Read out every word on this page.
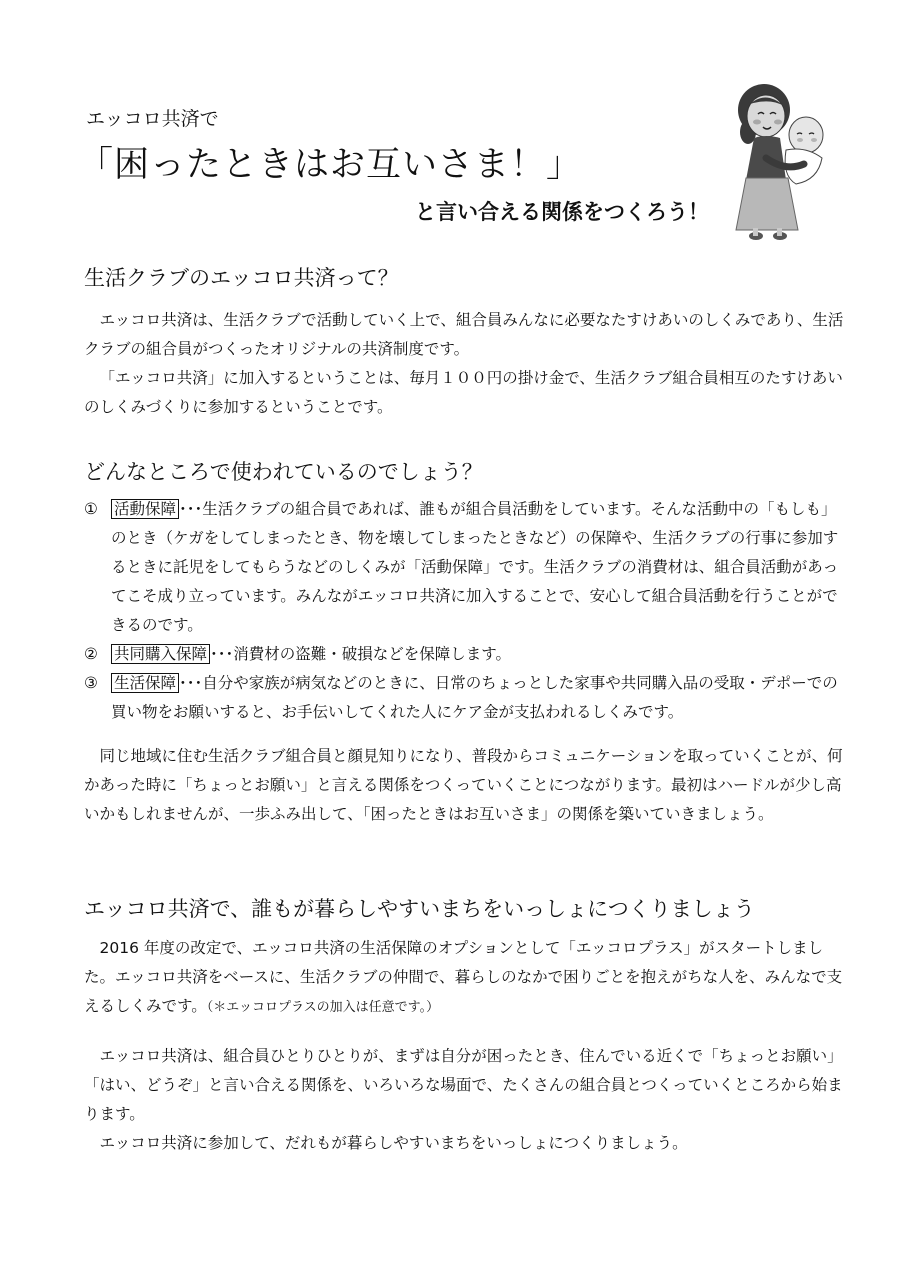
エッコロ共済で
「困ったときはお互いさま！」
と言い合える関係をつくろう！
生活クラブのエッコロ共済って？

エッコロ共済は、生活クラブで活動していく上で、組合員みんなに必要なたすけあいのしくみであり、生活クラブの組合員がつくったオリジナルの共済制度です。

「エッコロ共済」に加入するということは、毎月１００円の掛け金で、生活クラブ組合員相互のたすけあいのしくみづくりに参加するということです。

どんなところで使われているのでしょう？
①	活動保障 ･･･生活クラブの組合員であれば、誰もが組合員活動をしています。そんな活動中の「もしも」のとき（ケガをしてしまったとき、物を壊してしまったときなど）の保障や、生活クラブの行事に参加するときに託児をしてもらうなどのしくみが「活動保障」です。生活クラブの消費材は、組合員活動があってこそ成り立っています。みんながエッコロ共済に加入することで、安心して組合員活動を行うことができるのです。
②	共同購入保障 ･･･消費材の盗難・破損などを保障します。
③	生活保障 ･･･自分や家族が病気などのときに、日常のちょっとした家事や共同購入品の受取・デポーでの買い物をお願いすると、お手伝いしてくれた人にケア金が支払われるしくみです。

同じ地域に住む生活クラブ組合員と顔見知りになり、普段からコミュニケーションを取っていくことが、何かあった時に「ちょっとお願い」と言える関係をつくっていくことにつながります。最初はハードルが少し高いかもしれませんが、一歩ふみ出して、「困ったときはお互いさま」の関係を築いていきましょう。

エッコロ共済で、誰もが暮らしやすいまちをいっしょにつくりましょう

2016 年度の改定で、エッコロ共済の生活保障のオプションとして「エッコロプラス」がスタートしました。エッコロ共済をベースに、生活クラブの仲間で、暮らしのなかで困りごとを抱えがちな人を、みんなで支えるしくみです。（＊エッコロプラスの加入は任意です。）

エッコロ共済は、組合員ひとりひとりが、まずは自分が困ったとき、住んでいる近くで「ちょっとお願い」「はい、どうぞ」と言い合える関係を、いろいろな場面で、たくさんの組合員とつくっていくところから始まります。

エッコロ共済に参加して、だれもが暮らしやすいまちをいっしょにつくりましょう。
